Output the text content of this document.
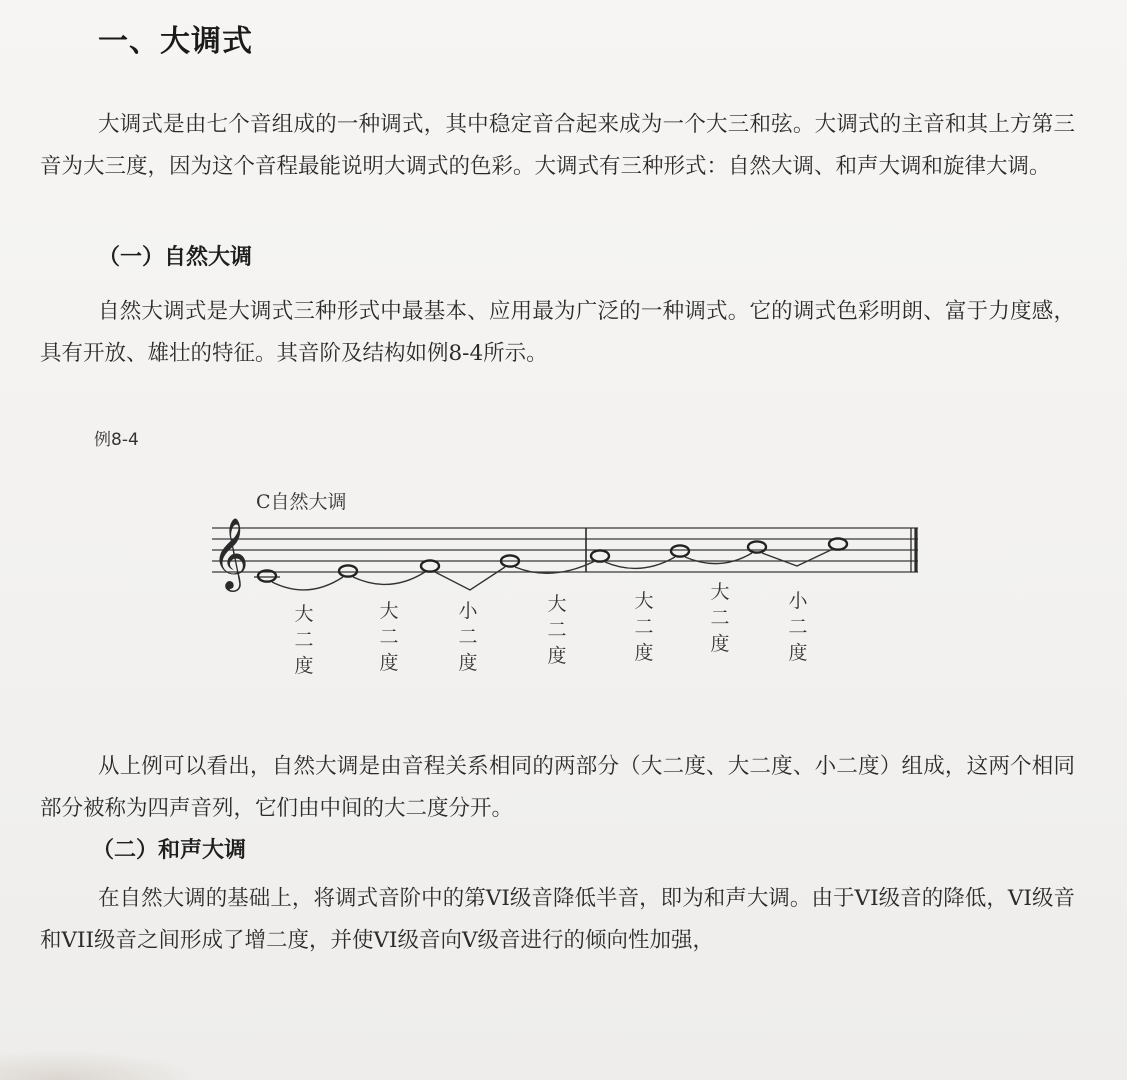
一、大调式

大调式是由七个音组成的一种调式，其中稳定音合起来成为一个大三和弦。大调式的主音和其上方第三音为大三度，因为这个音程最能说明大调式的色彩。大调式有三种形式：自然大调、和声大调和旋律大调。

（一）自然大调

自然大调式是大调式三种形式中最基本、应用最为广泛的一种调式。它的调式色彩明朗、富于力度感，具有开放、雄壮的特征。其音阶及结构如例8-4所示。

例8-4
C自然大调
𝄞
大
二
度
大
二
度
小
二
度
大
二
度
大
二
度
大
二
度
小
二
度

从上例可以看出，自然大调是由音程关系相同的两部分（大二度、大二度、小二度）组成，这两个相同部分被称为四声音列，它们由中间的大二度分开。

（二）和声大调

在自然大调的基础上，将调式音阶中的第VI级音降低半音，即为和声大调。由于VI级音的降低，VI级音和VII级音之间形成了增二度，并使VI级音向V级音进行的倾向性加强，
